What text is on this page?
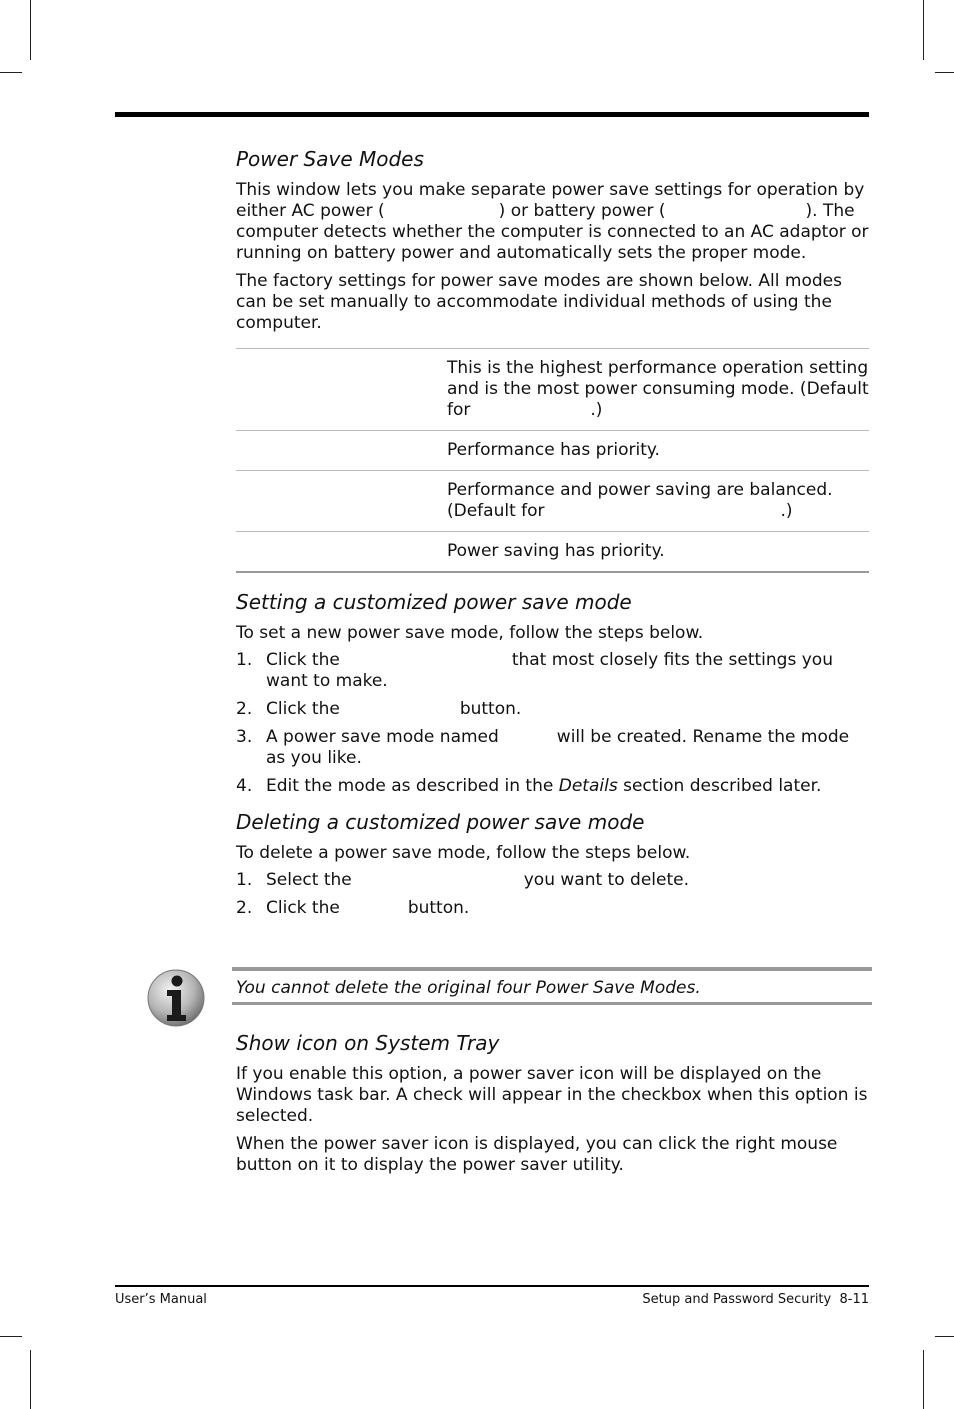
Power Save Modes

This window lets you make separate power save settings for operation by either AC power (	) or battery power (	). The computer detects whether the computer is connected to an AC adaptor or running on battery power and automatically sets the proper mode.

The factory settings for power save modes are shown below. All modes can be set manually to accommodate individual methods of using the computer.

	This is the highest performance operation setting and is the most power consuming mode. (Default for .)
	Performance has priority.
	Performance and power saving are balanced. (Default for .)
	Power saving has priority.
Setting a customized power save mode

To set a new power save mode, follow the steps below.

1. Click the	that most closely fits the settings you want to make.
2. Click the	button.
3. A power save mode named	will be created. Rename the mode as you like.
4. Edit the mode as described in the Details section described later.
Deleting a customized power save mode

To delete a power save mode, follow the steps below.

1. Select the	you want to delete.
2. Click the	button.
You cannot delete the original four Power Save Modes.
Show icon on System Tray

If you enable this option, a power saver icon will be displayed on the Windows task bar. A check will appear in the checkbox when this option is selected.

When the power saver icon is displayed, you can click the right mouse button on it to display the power saver utility.

User’s Manual	Setup and Password Security  8-11
